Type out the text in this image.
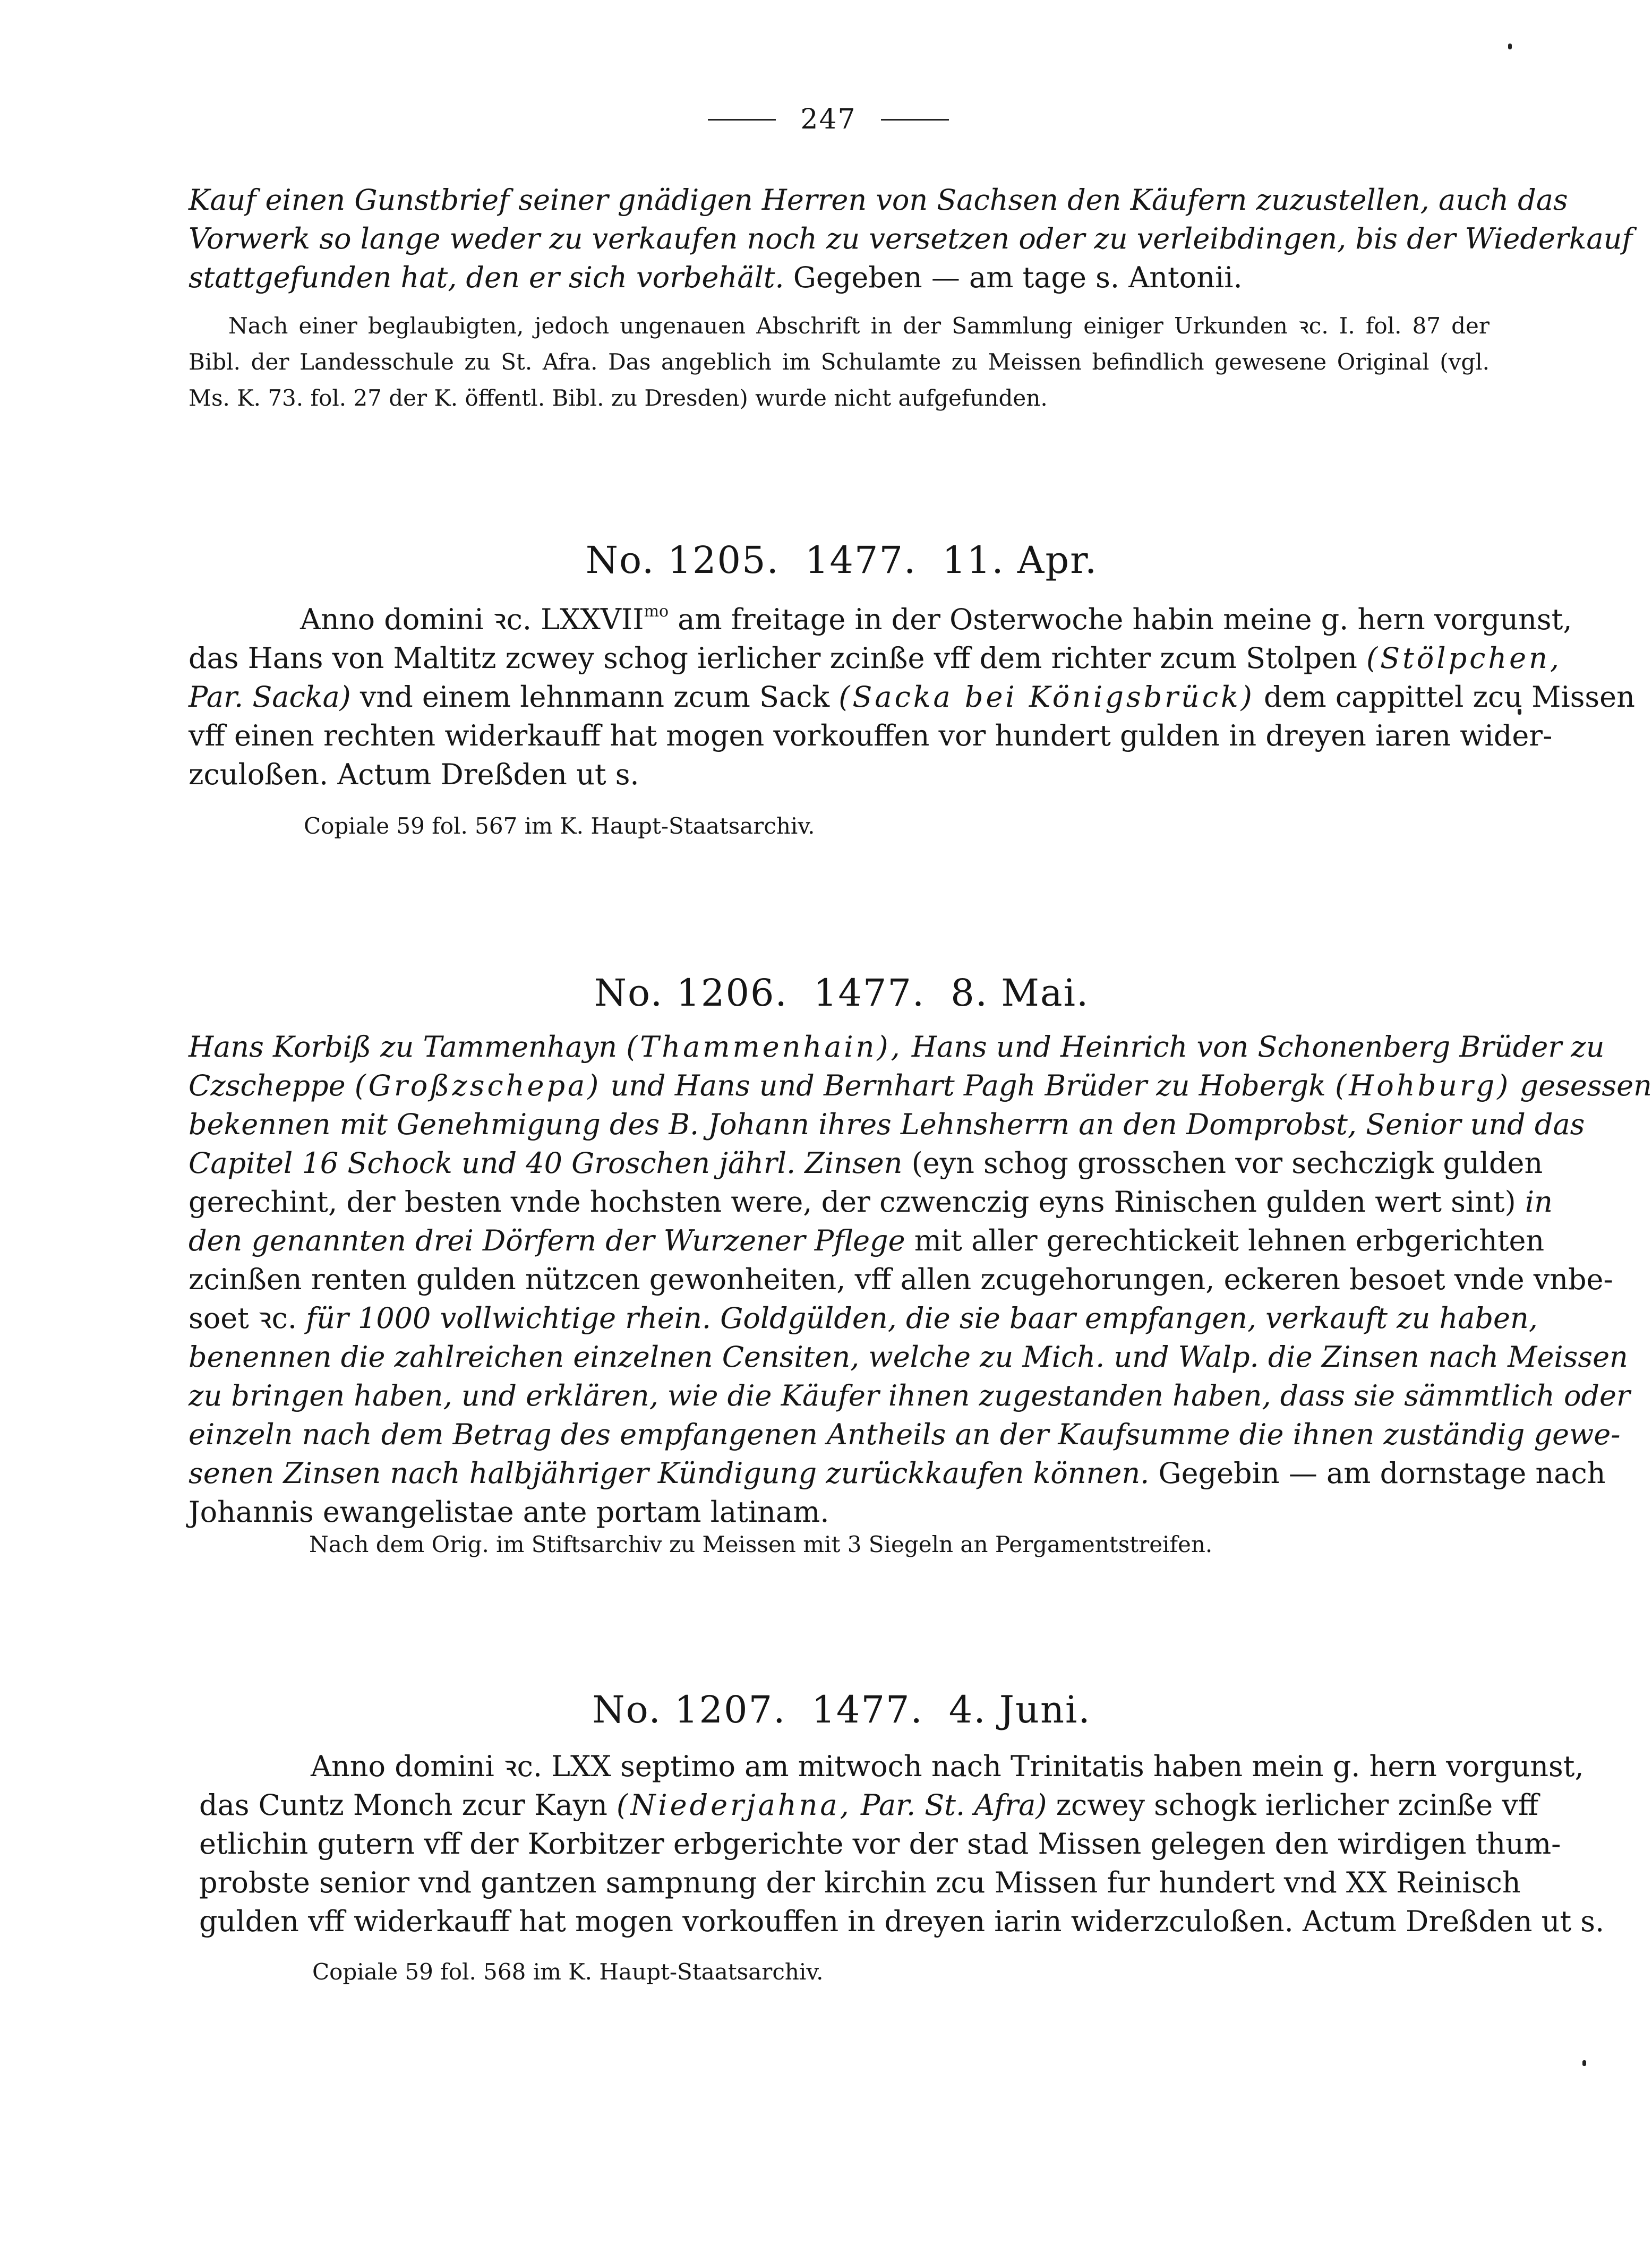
247
Kauf einen Gunstbrief seiner gnädigen Herren von Sachsen den Käufern zuzustellen, auch das
Vorwerk so lange weder zu verkaufen noch zu versetzen oder zu verleibdingen, bis der Wiederkauf
stattgefunden hat, den er sich vorbehält. Gegeben — am tage s. Antonii.
Nach einer beglaubigten, jedoch ungenauen Abschrift in der Sammlung einiger Urkunden ꝛc. I. fol. 87 der
Bibl. der Landesschule zu St. Afra. Das angeblich im Schulamte zu Meissen befindlich gewesene Original (vgl.
Ms. K. 73. fol. 27 der K. öffentl. Bibl. zu Dresden) wurde nicht aufgefunden.
No. 1205. 1477. 11. Apr.
Anno domini ꝛc. $LXXVII^{mo}$ am freitage in der Osterwoche habin meine g. hern vorgunst,
das Hans von Maltitz zcwey schog ierlicher zcinße vff dem richter zcum Stolpen (Stölpchen,
Par. Sacka) vnd einem lehnmann zcum Sack (Sacka bei Königsbrück) dem cappittel zcu Missen
vff einen rechten widerkauff hat mogen vorkouffen vor hundert gulden in dreyen iaren wider-
zculoßen. Actum Dreßden ut s.
Copiale 59 fol. 567 im K. Haupt-Staatsarchiv.
No. 1206. 1477. 8. Mai.
Hans Korbiß zu Tammenhayn (Thammenhain), Hans und Heinrich von Schonenberg Brüder zu
Czscheppe (Großzschepa) und Hans und Bernhart Pagh Brüder zu Hobergk (Hohburg) gesessen
bekennen mit Genehmigung des B. Johann ihres Lehnsherrn an den Domprobst, Senior und das
Capitel 16 Schock und 40 Groschen jährl. Zinsen (eyn schog grosschen vor sechczigk gulden
gerechint, der besten vnde hochsten were, der czwenczig eyns Rinischen gulden wert sint) in
den genannten drei Dörfern der Wurzener Pflege mit aller gerechtickeit lehnen erbgerichten
zcinßen renten gulden nützcen gewonheiten, vff allen zcugehorungen, eckeren besoet vnde vnbe-
soet ꝛc. für 1000 vollwichtige rhein. Goldgülden, die sie baar empfangen, verkauft zu haben,
benennen die zahlreichen einzelnen Censiten, welche zu Mich. und Walp. die Zinsen nach Meissen
zu bringen haben, und erklären, wie die Käufer ihnen zugestanden haben, dass sie sämmtlich oder
einzeln nach dem Betrag des empfangenen Antheils an der Kaufsumme die ihnen zuständig gewe-
senen Zinsen nach halbjähriger Kündigung zurückkaufen können. Gegebin — am dornstage nach
Johannis ewangelistae ante portam latinam.
Nach dem Orig. im Stiftsarchiv zu Meissen mit 3 Siegeln an Pergamentstreifen.
No. 1207. 1477. 4. Juni.
Anno domini ꝛc. LXX septimo am mitwoch nach Trinitatis haben mein g. hern vorgunst,
das Cuntz Monch zcur Kayn (Niederjahna, Par. St. Afra) zcwey schogk ierlicher zcinße vff
etlichin gutern vff der Korbitzer erbgerichte vor der stad Missen gelegen den wirdigen thum-
probste senior vnd gantzen sampnung der kirchin zcu Missen fur hundert vnd XX Reinisch
gulden vff widerkauff hat mogen vorkouffen in dreyen iarin widerzculoßen. Actum Dreßden ut s.
Copiale 59 fol. 568 im K. Haupt-Staatsarchiv.
